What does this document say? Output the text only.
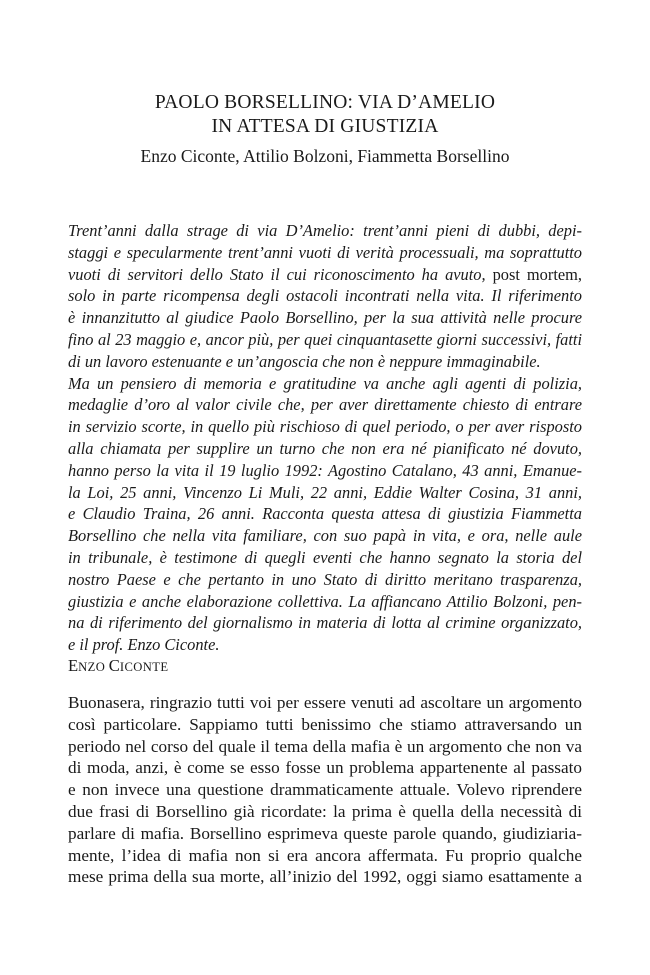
PAOLO BORSELLINO: VIA D’AMELIO
IN ATTESA DI GIUSTIZIA
Enzo Ciconte, Attilio Bolzoni, Fiammetta Borsellino
Trent’anni dalla strage di via D’Amelio: trent’anni pieni di dubbi, depi-
staggi e specularmente trent’anni vuoti di verità processuali, ma soprattutto
vuoti di servitori dello Stato il cui riconoscimento ha avuto, post mortem,
solo in parte ricompensa degli ostacoli incontrati nella vita. Il riferimento
è innanzitutto al giudice Paolo Borsellino, per la sua attività nelle procure
fino al 23 maggio e, ancor più, per quei cinquantasette giorni successivi, fatti
di un lavoro estenuante e un’angoscia che non è neppure immaginabile.
Ma un pensiero di memoria e gratitudine va anche agli agenti di polizia,
medaglie d’oro al valor civile che, per aver direttamente chiesto di entrare
in servizio scorte, in quello più rischioso di quel periodo, o per aver risposto
alla chiamata per supplire un turno che non era né pianificato né dovuto,
hanno perso la vita il 19 luglio 1992: Agostino Catalano, 43 anni, Emanue-
la Loi, 25 anni, Vincenzo Li Muli, 22 anni, Eddie Walter Cosina, 31 anni,
e Claudio Traina, 26 anni. Racconta questa attesa di giustizia Fiammetta
Borsellino che nella vita familiare, con suo papà in vita, e ora, nelle aule
in tribunale, è testimone di quegli eventi che hanno segnato la storia del
nostro Paese e che pertanto in uno Stato di diritto meritano trasparenza,
giustizia e anche elaborazione collettiva. La affiancano Attilio Bolzoni, pen-
na di riferimento del giornalismo in materia di lotta al crimine organizzato,
e il prof. Enzo Ciconte.
ENZO CICONTE
Buonasera, ringrazio tutti voi per essere venuti ad ascoltare un argomento
così particolare. Sappiamo tutti benissimo che stiamo attraversando un
periodo nel corso del quale il tema della mafia è un argomento che non va
di moda, anzi, è come se esso fosse un problema appartenente al passato
e non invece una questione drammaticamente attuale. Volevo riprendere
due frasi di Borsellino già ricordate: la prima è quella della necessità di
parlare di mafia. Borsellino esprimeva queste parole quando, giudiziaria-
mente, l’idea di mafia non si era ancora affermata. Fu proprio qualche
mese prima della sua morte, all’inizio del 1992, oggi siamo esattamente a
